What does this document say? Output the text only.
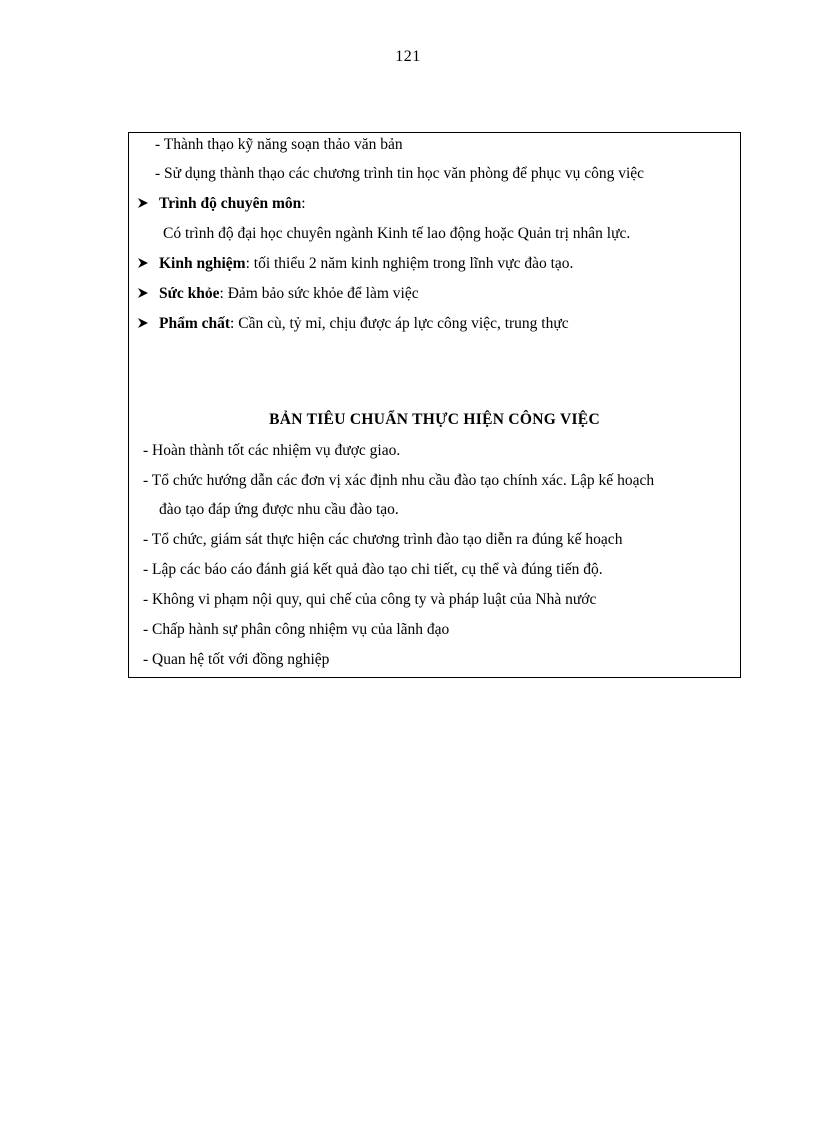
121
- Thành thạo kỹ năng soạn thảo văn bản
- Sử dụng thành thạo các chương trình tin học văn phòng để phục vụ công việc
Trình độ chuyên môn:
Có trình độ đại học chuyên ngành Kinh tế lao động hoặc Quản trị nhân lực.
Kinh nghiệm: tối thiểu 2 năm kinh nghiệm trong lĩnh vực đào tạo.
Sức khỏe: Đảm bảo sức khỏe để làm việc
Phẩm chất: Cần cù, tỷ mỉ, chịu được áp lực công việc, trung thực
BẢN TIÊU CHUẨN THỰC HIỆN CÔNG VIỆC
- Hoàn thành tốt các nhiệm vụ được giao.
- Tổ chức hướng dẫn các đơn vị xác định nhu cầu đào tạo chính xác. Lập kế hoạch
đào tạo đáp ứng được nhu cầu đào tạo.
- Tổ chức, giám sát thực hiện các chương trình đào tạo diễn ra đúng kế hoạch
- Lập các báo cáo đánh giá kết quả đào tạo chi tiết, cụ thể và đúng tiến độ.
- Không vi phạm nội quy, qui chế của công ty và pháp luật của Nhà nước
- Chấp hành sự phân công nhiệm vụ của lãnh đạo
- Quan hệ tốt với đồng nghiệp
